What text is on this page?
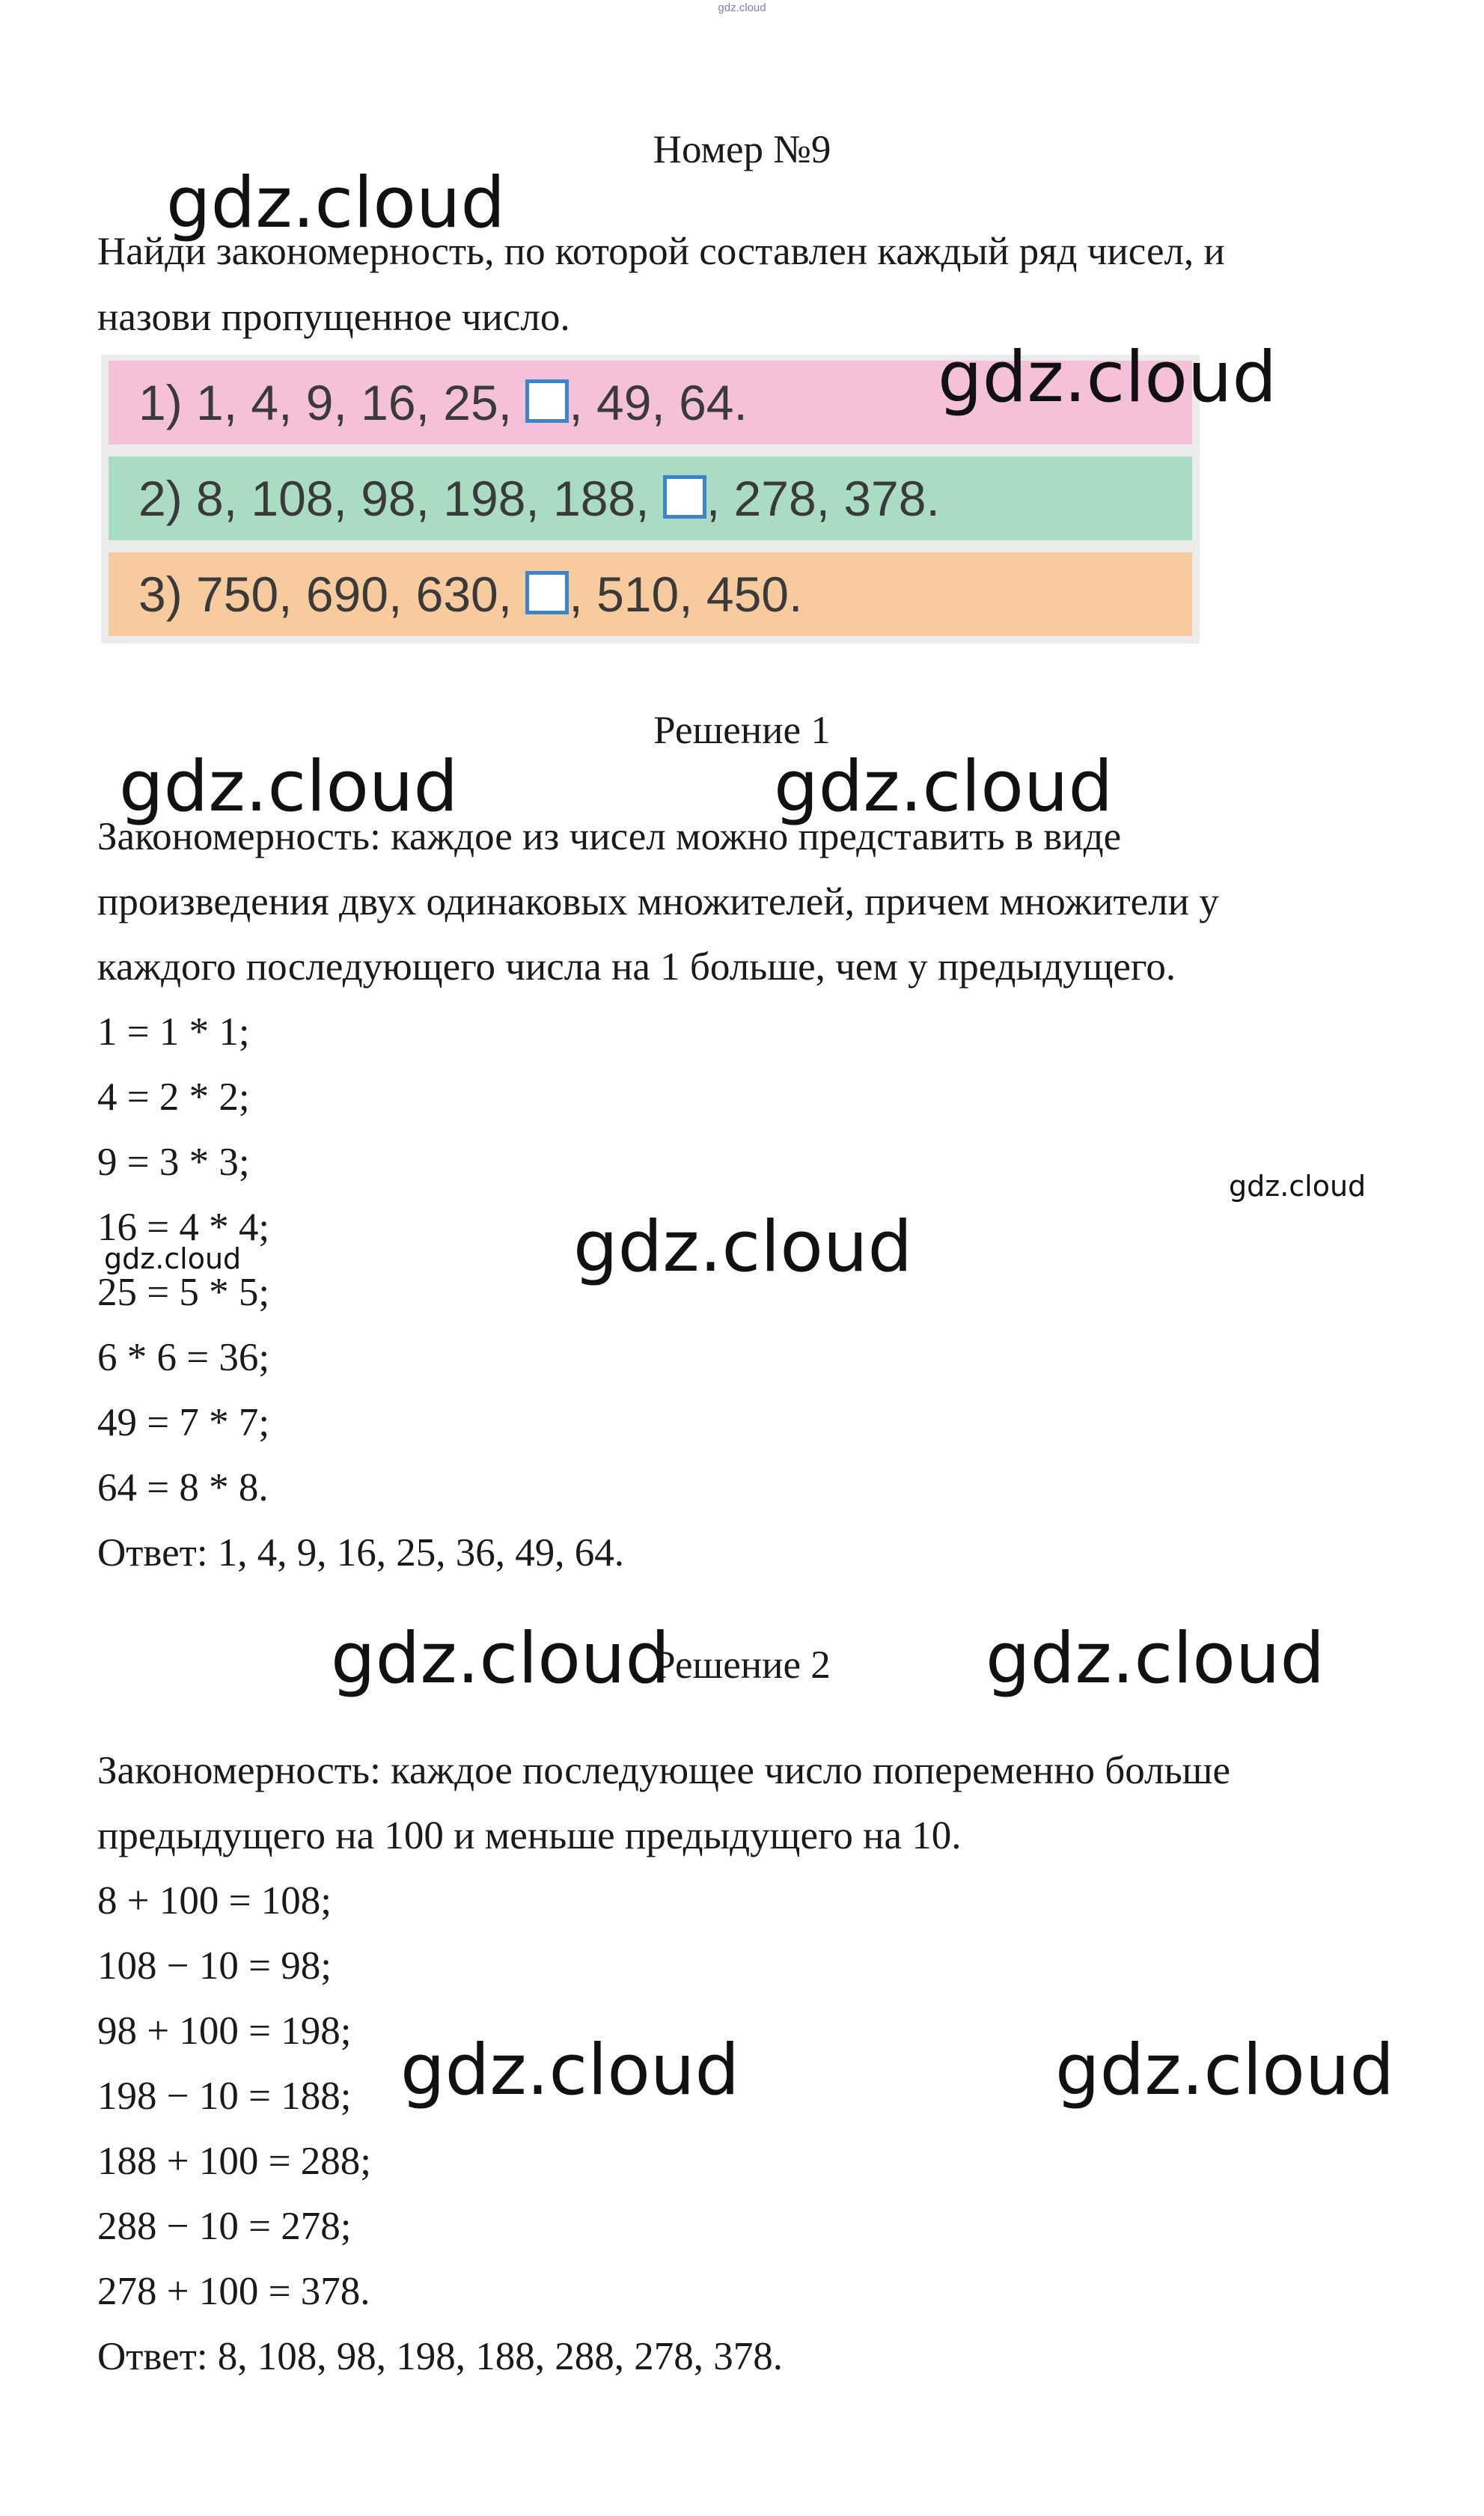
gdz.cloud
Номер №9
Найди закономерность, по которой составлен каждый ряд чисел, и
назови пропущенное число.
1) 1, 4, 9, 16, 25, , 49, 64.
2) 8, 108, 98, 198, 188, , 278, 378.
3) 750, 690, 630, , 510, 450.
Решение 1
Закономерность: каждое из чисел можно представить в виде
произведения двух одинаковых множителей, причем множители у
каждого последующего числа на 1 больше, чем у предыдущего.
1 = 1 * 1;
4 = 2 * 2;
9 = 3 * 3;
16 = 4 * 4;
25 = 5 * 5;
6 * 6 = 36;
49 = 7 * 7;
64 = 8 * 8.
Ответ: 1, 4, 9, 16, 25, 36, 49, 64.
Решение 2
Закономерность: каждое последующее число попеременно больше
предыдущего на 100 и меньше предыдущего на 10.
8 + 100 = 108;
108 − 10 = 98;
98 + 100 = 198;
198 − 10 = 188;
188 + 100 = 288;
288 − 10 = 278;
278 + 100 = 378.
Ответ: 8, 108, 98, 198, 188, 288, 278, 378.
gdz.cloud
gdz.cloud
gdz.cloud	gdz.cloud
gdz.cloud
gdz.cloud
gdz.cloud
gdz.cloud	gdz.cloud
gdz.cloud	gdz.cloud
